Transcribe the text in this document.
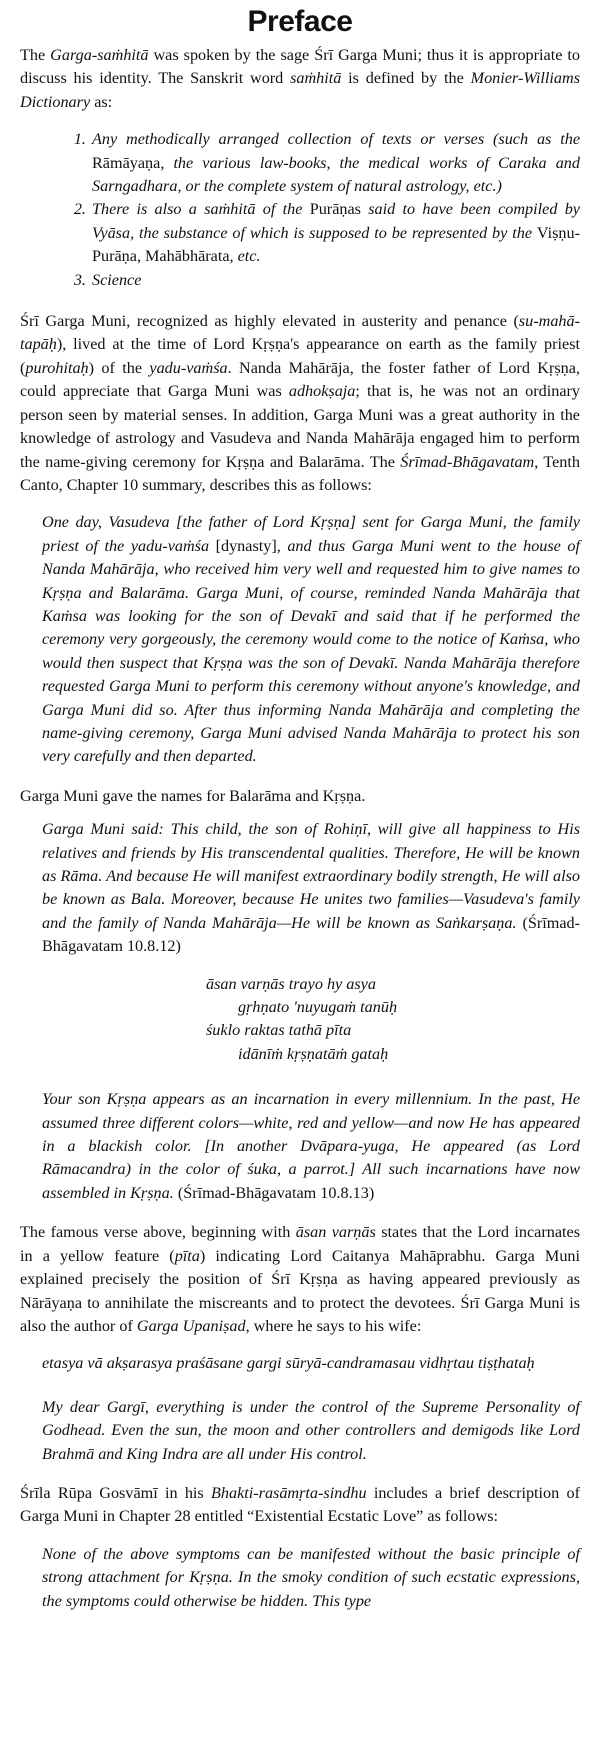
Preface

The Garga-saṁhitā was spoken by the sage Śrī Garga Muni; thus it is appropriate to discuss his identity. The Sanskrit word saṁhitā is defined by the Monier-Williams Dictionary as:

1. Any methodically arranged collection of texts or verses (such as the Rāmāyaṇa, the various law-books, the medical works of Caraka and Sarngadhara, or the complete system of natural astrology, etc.)
2. There is also a saṁhitā of the Purāṇas said to have been compiled by Vyāsa, the substance of which is supposed to be represented by the Viṣṇu-Purāṇa, Mahābhārata, etc.
3. Science

Śrī Garga Muni, recognized as highly elevated in austerity and penance (su-mahā-tapāḥ), lived at the time of Lord Kṛṣṇa's appearance on earth as the family priest (purohitaḥ) of the yadu-vaṁśa. Nanda Mahārāja, the foster father of Lord Kṛṣṇa, could appreciate that Garga Muni was adhokṣaja; that is, he was not an ordinary person seen by material senses. In addition, Garga Muni was a great authority in the knowledge of astrology and Vasudeva and Nanda Mahārāja engaged him to perform the name-giving ceremony for Kṛṣṇa and Balarāma. The Śrīmad-Bhāgavatam, Tenth Canto, Chapter 10 summary, describes this as follows:

One day, Vasudeva [the father of Lord Kṛṣṇa] sent for Garga Muni, the family priest of the yadu-vaṁśa [dynasty], and thus Garga Muni went to the house of Nanda Mahārāja, who received him very well and requested him to give names to Kṛṣṇa and Balarāma. Garga Muni, of course, reminded Nanda Mahārāja that Kaṁsa was looking for the son of Devakī and said that if he performed the ceremony very gorgeously, the ceremony would come to the notice of Kaṁsa, who would then suspect that Kṛṣṇa was the son of Devakī. Nanda Mahārāja therefore requested Garga Muni to perform this ceremony without anyone's knowledge, and Garga Muni did so. After thus informing Nanda Mahārāja and completing the name-giving ceremony, Garga Muni advised Nanda Mahārāja to protect his son very carefully and then departed.

Garga Muni gave the names for Balarāma and Kṛṣṇa.

Garga Muni said: This child, the son of Rohiṇī, will give all happiness to His relatives and friends by His transcendental qualities. Therefore, He will be known as Rāma. And because He will manifest extraordinary bodily strength, He will also be known as Bala. Moreover, because He unites two families—Vasudeva's family and the family of Nanda Mahārāja—He will be known as Saṅkarṣaṇa. (Śrīmad-Bhāgavatam 10.8.12)
āsan varṇās trayo hy asya
gṛhṇato 'nuyugaṁ tanūḥ
śuklo raktas tathā pīta
idānīṁ kṛṣṇatāṁ gataḥ
Your son Kṛṣṇa appears as an incarnation in every millennium. In the past, He assumed three different colors—white, red and yellow—and now He has appeared in a blackish color. [In another Dvāpara-yuga, He appeared (as Lord Rāmacandra) in the color of śuka, a parrot.] All such incarnations have now assembled in Kṛṣṇa. (Śrīmad-Bhāgavatam 10.8.13)

The famous verse above, beginning with āsan varṇās states that the Lord incarnates in a yellow feature (pīta) indicating Lord Caitanya Mahāprabhu. Garga Muni explained precisely the position of Śrī Kṛṣṇa as having appeared previously as Nārāyaṇa to annihilate the miscreants and to protect the devotees. Śrī Garga Muni is also the author of Garga Upaniṣad, where he says to his wife:

etasya vā akṣarasya praśāsane gargi sūryā-candramasau vidhṛtau tiṣṭhataḥ
My dear Gargī, everything is under the control of the Supreme Personality of Godhead. Even the sun, the moon and other controllers and demigods like Lord Brahmā and King Indra are all under His control.

Śrīla Rūpa Gosvāmī in his Bhakti-rasāmṛta-sindhu includes a brief description of Garga Muni in Chapter 28 entitled “Existential Ecstatic Love” as follows:

None of the above symptoms can be manifested without the basic principle of strong attachment for Kṛṣṇa. In the smoky condition of such ecstatic expressions, the symptoms could otherwise be hidden. This type
